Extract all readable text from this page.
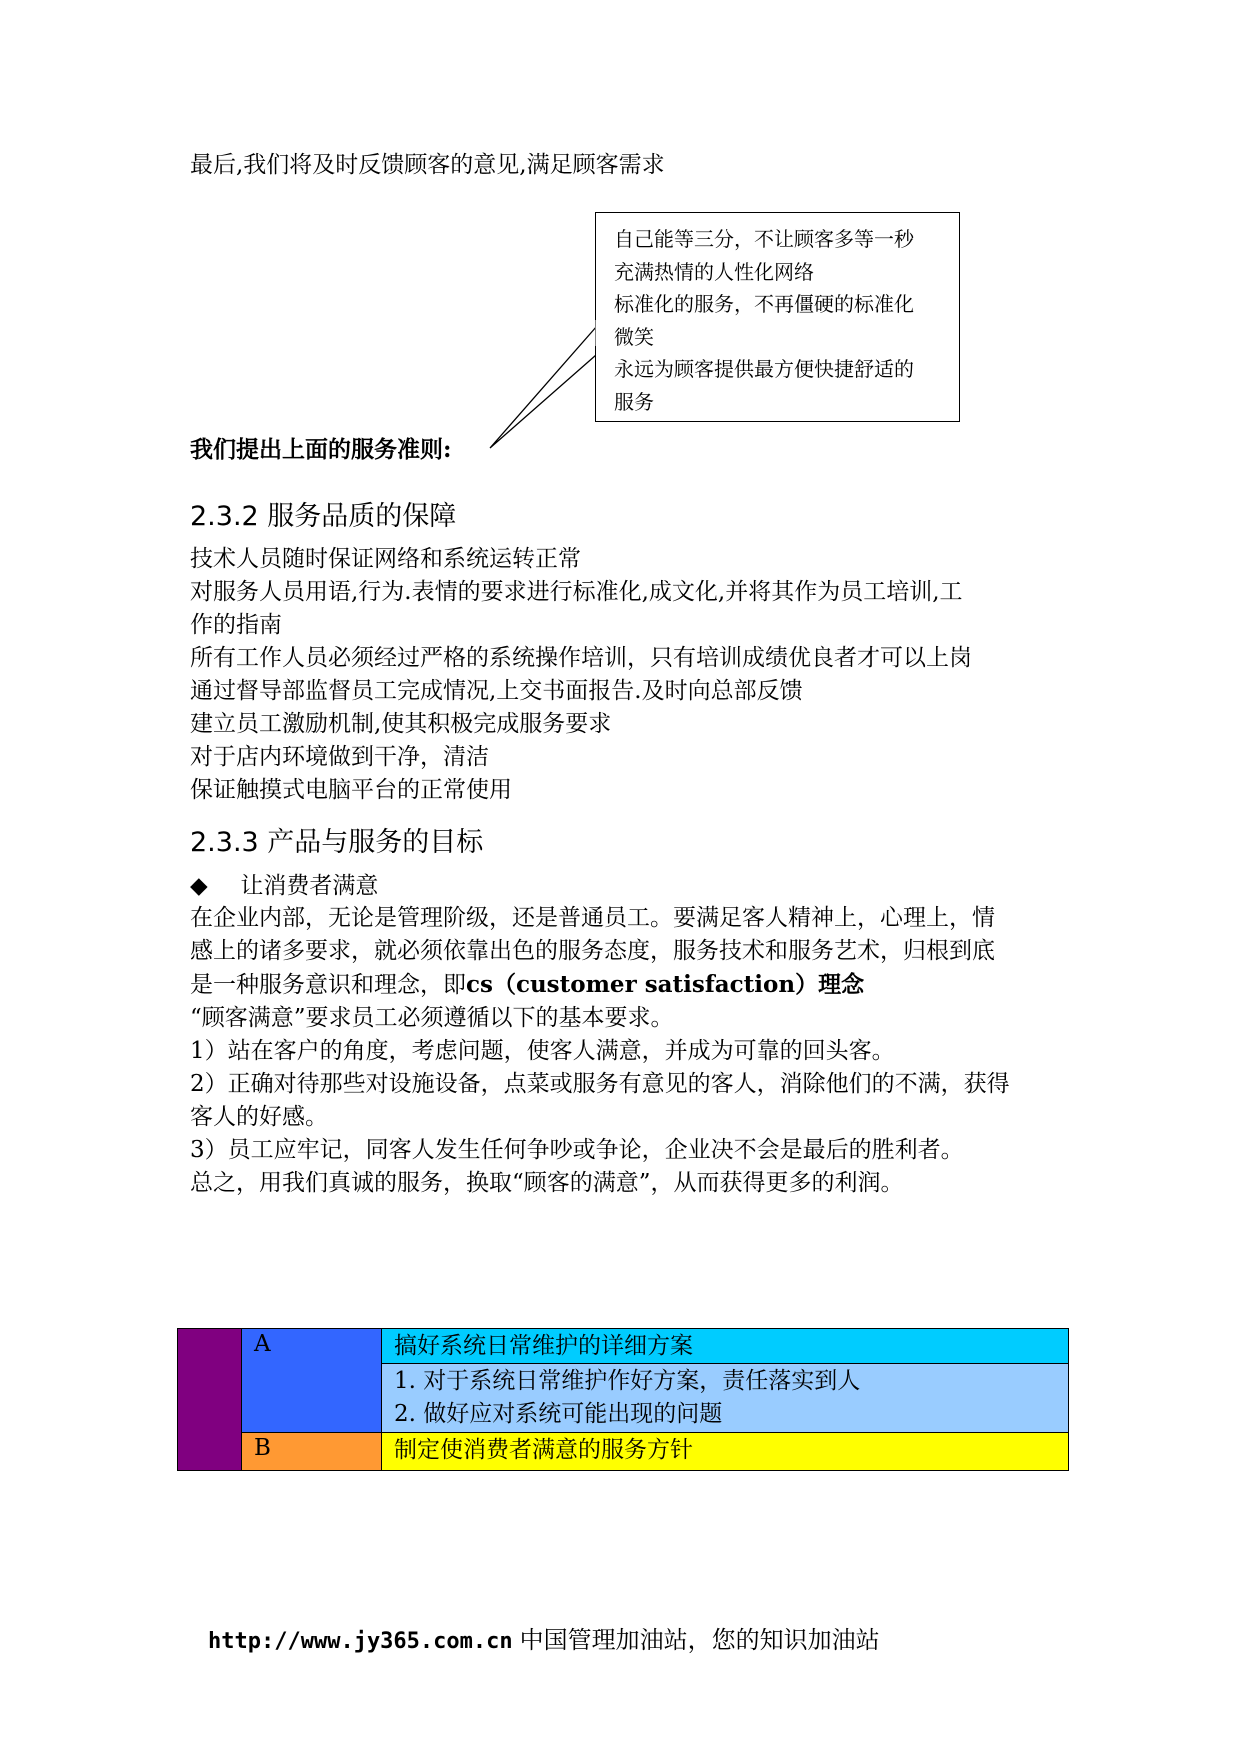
最后,我们将及时反馈顾客的意见,满足顾客需求
自己能等三分，不让顾客多等一秒
充满热情的人性化网络
标准化的服务，不再僵硬的标准化
微笑
永远为顾客提供最方便快捷舒适的
服务
我们提出上面的服务准则:
2.3.2 服务品质的保障
技术人员随时保证网络和系统运转正常
对服务人员用语,行为.表情的要求进行标准化,成文化,并将其作为员工培训,工
作的指南
所有工作人员必须经过严格的系统操作培训，只有培训成绩优良者才可以上岗
通过督导部监督员工完成情况,上交书面报告.及时向总部反馈
建立员工激励机制,使其积极完成服务要求
对于店内环境做到干净，清洁
保证触摸式电脑平台的正常使用
2.3.3 产品与服务的目标
◆ 让消费者满意
在企业内部，无论是管理阶级，还是普通员工。要满足客人精神上，心理上，情
感上的诸多要求，就必须依靠出色的服务态度，服务技术和服务艺术，归根到底
是一种服务意识和理念，即cs（customer satisfaction）理念
“顾客满意”要求员工必须遵循以下的基本要求。
1）站在客户的角度，考虑问题，使客人满意，并成为可靠的回头客。
2）正确对待那些对设施设备，点菜或服务有意见的客人，消除他们的不满，获得
客人的好感。
3）员工应牢记，同客人发生任何争吵或争论，企业决不会是最后的胜利者。
总之，用我们真诚的服务，换取“顾客的满意”，从而获得更多的利润。
	A	搞好系统日常维护的详细方案

		1. 对于系统日常维护作好方案，责任落实到人
2. 做好应对系统可能出现的问题

	B	制定使消费者满意的服务方针
http://www.jy365.com.cn 中国管理加油站，您的知识加油站
